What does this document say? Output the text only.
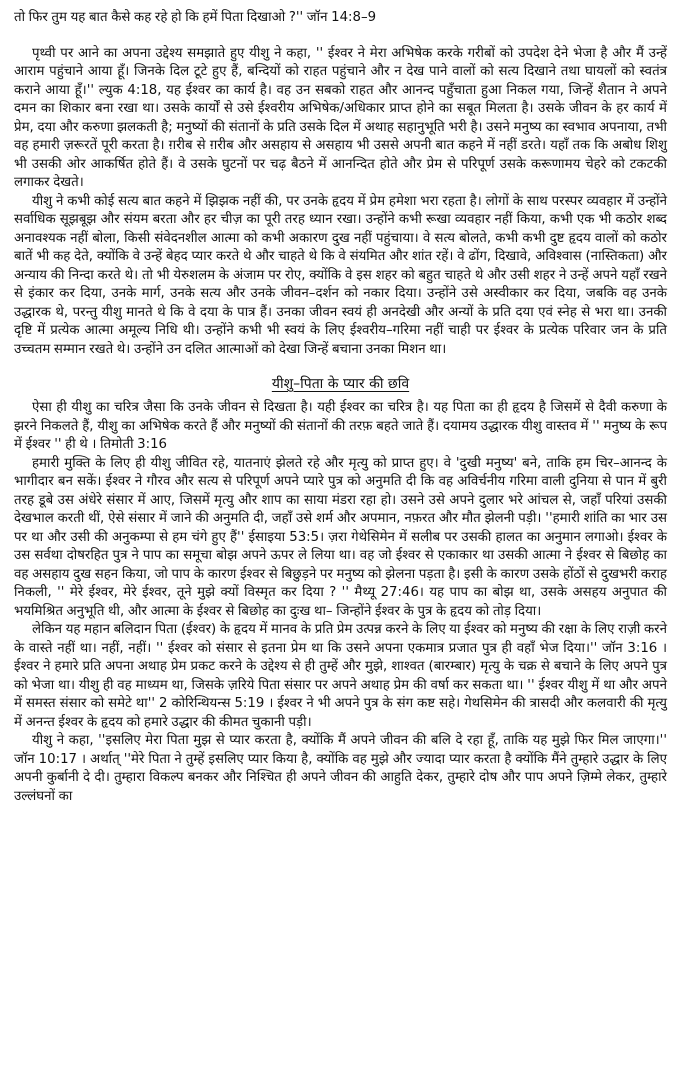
तो फिर तुम यह बात कैसे कह रहे हो कि हमें पिता दिखाओ ?'' जॉन 14:8–9

पृथ्वी पर आने का अपना उद्देश्य समझाते हुए यीशु ने कहा, '' ईश्वर ने मेरा अभिषेक करके गरीबों को उपदेश देने भेजा है और मैं उन्हें आराम पहुंचाने आया हूँ। जिनके दिल टूटे हुए हैं, बन्दियों को राहत पहुंचाने और न देख पाने वालों को सत्य दिखाने तथा घायलों को स्वतंत्र कराने आया हूँ।'' ल्युक 4:18, यह ईश्वर का कार्य है। वह उन सबको राहत और आनन्द पहुँचाता हुआ निकल गया, जिन्हें शैतान ने अपने दमन का शिकार बना रखा था। उसके कार्यों से उसे ईश्वरीय अभिषेक/अधिकार प्राप्त होने का सबूत मिलता है। उसके जीवन के हर कार्य में प्रेम, दया और करुणा झलकती है; मनुष्यों की संतानों के प्रति उसके दिल में अथाह सहानुभूति भरी है। उसने मनुष्य का स्वभाव अपनाया, तभी वह हमारी ज़रूरतें पूरी करता है। ग़रीब से ग़रीब और असहाय से असहाय भी उससे अपनी बात कहने में नहीं डरते। यहाँ तक कि अबोध शिशु भी उसकी ओर आकर्षित होते हैं। वे उसके घुटनों पर चढ़ बैठने में आनन्दित होते और प्रेम से परिपूर्ण उसके करूणामय चेहरे को टकटकी लगाकर देखते।

यीशु ने कभी कोई सत्य बात कहने में झिझक नहीं की, पर उनके हृदय में प्रेम हमेशा भरा रहता है। लोगों के साथ परस्पर व्यवहार में उन्होंने सर्वाधिक सूझबूझ और संयम बरता और हर चीज़ का पूरी तरह ध्यान रखा। उन्होंने कभी रूखा व्यवहार नहीं किया, कभी एक भी कठोर शब्द अनावश्यक नहीं बोला, किसी संवेदनशील आत्मा को कभी अकारण दुख नहीं पहुंचाया। वे सत्य बोलते, कभी कभी दुष्ट हृदय वालों को कठोर बातें भी कह देते, क्योंकि वे उन्हें बेहद प्यार करते थे और चाहते थे कि वे संयमित और शांत रहें। वे ढोंग, दिखावे, अविश्वास (नास्तिकता) और अन्याय की निन्दा करते थे। तो भी येरुशलम के अंजाम पर रोए, क्योंकि वे इस शहर को बहुत चाहते थे और उसी शहर ने उन्हें अपने यहाँ रखने से इंकार कर दिया, उनके मार्ग, उनके सत्य और उनके जीवन–दर्शन को नकार दिया। उन्होंने उसे अस्वीकार कर दिया, जबकि वह उनके उद्धारक थे, परन्तु यीशु मानते थे कि वे दया के पात्र हैं। उनका जीवन स्वयं ही अनदेखी और अन्यों के प्रति दया एवं स्नेह से भरा था। उनकी दृष्टि में प्रत्येक आत्मा अमूल्य निधि थी। उन्होंने कभी भी स्वयं के लिए ईश्वरीय–गरिमा नहीं चाही पर ईश्वर के प्रत्येक परिवार जन के प्रति उच्चतम सम्मान रखते थे। उन्होंने उन दलित आत्माओं को देखा जिन्हें बचाना उनका मिशन था।

यीशु–पिता के प्यार की छवि

ऐसा ही यीशु का चरित्र जैसा कि उनके जीवन से दिखता है। यही ईश्वर का चरित्र है। यह पिता का ही हृदय है जिसमें से दैवी करुणा के झरने निकलते हैं, यीशु का अभिषेक करते हैं और मनुष्यों की संतानों की तरफ़ बहते जाते हैं। दयामय उद्धारक यीशु वास्तव में '' मनुष्य के रूप में ईश्वर '' ही थे । तिमोती 3:16

हमारी मुक्ति के लिए ही यीशु जीवित रहे, यातनाएं झेलते रहे और मृत्यु को प्राप्त हुए। वे 'दुखी मनुष्य' बने, ताकि हम चिर–आनन्द के भागीदार बन सकें। ईश्वर ने गौरव और सत्य से परिपूर्ण अपने प्यारे पुत्र को अनुमति दी कि वह अविर्चनीय गरिमा वाली दुनिया से पान में बुरी तरह डूबे उस अंधेरे संसार में आए, जिसमें मृत्यु और शाप का साया मंडरा रहा हो। उसने उसे अपने दुलार भरे आंचल से, जहाँ परियां उसकी देखभाल करती थीं, ऐसे संसार में जाने की अनुमति दी, जहाँ उसे शर्म और अपमान, नफ़रत और मौत झेलनी पड़ी। ''हमारी शांति का भार उस पर था और उसी की अनुकम्पा से हम चंगे हुए हैं'' ईसाइया 53:5। ज़रा गेथेसिमेन में सलीब पर उसकी हालत का अनुमान लगाओ। ईश्वर के उस सर्वथा दोषरहित पुत्र ने पाप का समूचा बोझ अपने ऊपर ले लिया था। वह जो ईश्वर से एकाकार था उसकी आत्मा ने ईश्वर से बिछोह का वह असहाय दुख सहन किया, जो पाप के कारण ईश्वर से बिछुड़ने पर मनुष्य को झेलना पड़ता है। इसी के कारण उसके होंठों से दुखभरी कराह निकली, '' मेरे ईश्वर, मेरे ईश्वर, तूने मुझे क्यों विस्मृत कर दिया ? '' मैथ्यू 27:46। यह पाप का बोझ था, उसके असहय अनुपात की भयमिश्रित अनुभूति थी, और आत्मा के ईश्वर से बिछोह का दुःख था– जिन्होंने ईश्वर के पुत्र के हृदय को तोड़ दिया।

लेकिन यह महान बलिदान पिता (ईश्वर) के हृदय में मानव के प्रति प्रेम उत्पन्न करने के लिए या ईश्वर को मनुष्य की रक्षा के लिए राज़ी करने के वास्ते नहीं था। नहीं, नहीं। '' ईश्वर को संसार से इतना प्रेम था कि उसने अपना एकमात्र प्रजात पुत्र ही वहाँ भेज दिया।'' जॉन 3:16 । ईश्वर ने हमारे प्रति अपना अथाह प्रेम प्रकट करने के उद्देश्य से ही तुम्हें और मुझे, शाश्वत (बारम्बार) मृत्यु के चक्र से बचाने के लिए अपने पुत्र को भेजा था। यीशु ही वह माध्यम था, जिसके ज़रिये पिता संसार पर अपने अथाह प्रेम की वर्षा कर सकता था। '' ईश्वर यीशु में था और अपने में समस्त संसार को समेटे था'' 2 कोरिन्थियन्स 5:19 । ईश्वर ने भी अपने पुत्र के संग कष्ट सहे। गेथसिमेन की त्रासदी और कलवारी की मृत्यु में अनन्त ईश्वर के हृदय को हमारे उद्धार की कीमत चुकानी पड़ी।

यीशु ने कहा, ''इसलिए मेरा पिता मुझ से प्यार करता है, क्योंकि मैं अपने जीवन की बलि दे रहा हूँ, ताकि यह मुझे फिर मिल जाएगा।'' जॉन 10:17 । अर्थात् ''मेरे पिता ने तुम्हें इसलिए प्यार किया है, क्योंकि वह मुझे और ज्यादा प्यार करता है क्योंकि मैंने तुम्हारे उद्धार के लिए अपनी कुर्बानी दे दी। तुम्हारा विकल्प बनकर और निश्चित ही अपने जीवन की आहुति देकर, तुम्हारे दोष और पाप अपने ज़िम्मे लेकर, तुम्हारे उल्लंघनों का
